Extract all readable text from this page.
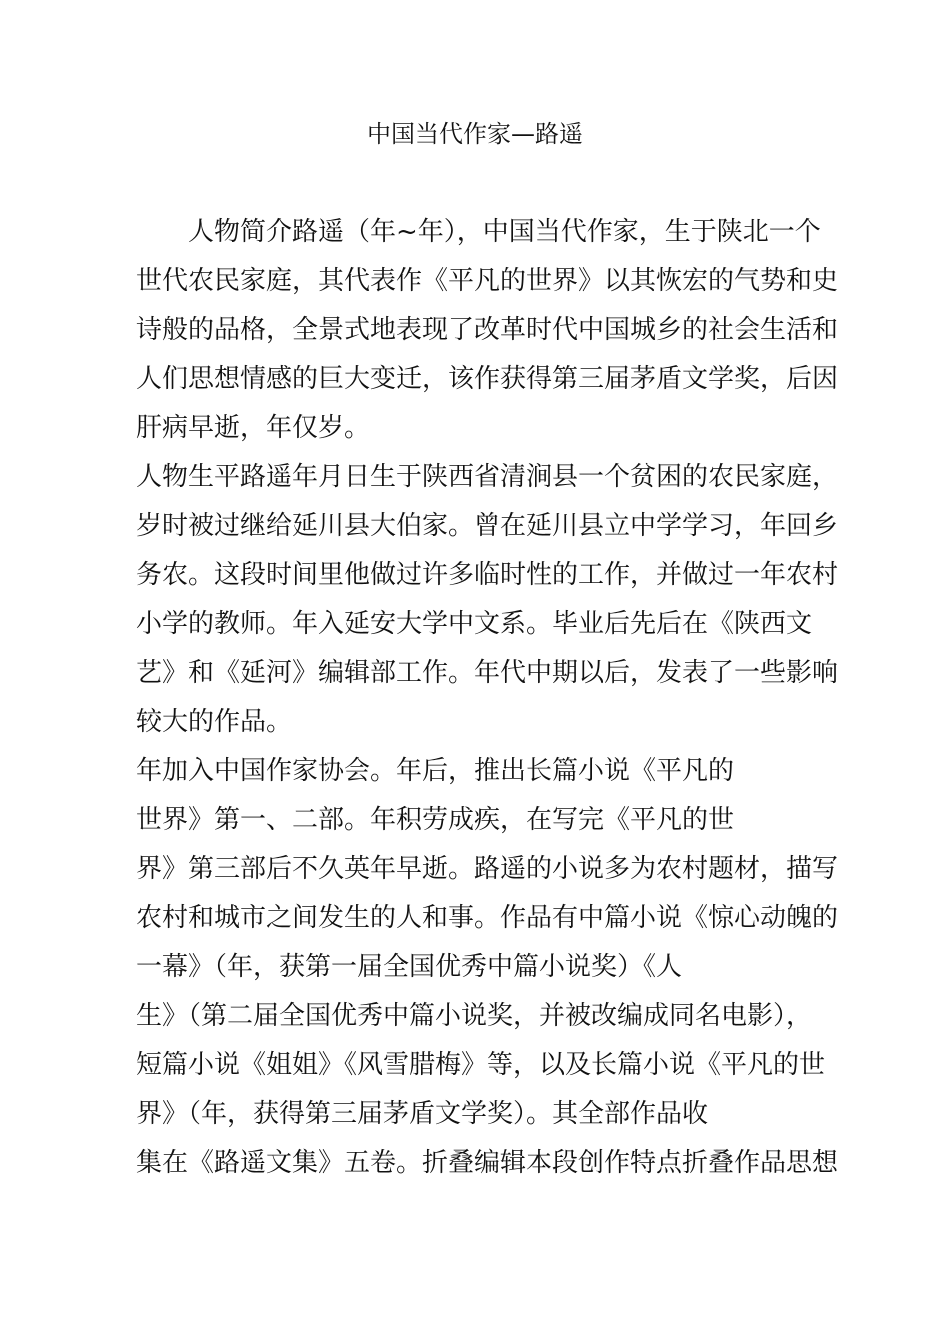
中国当代作家—路遥
人物简介路遥（年~年），中国当代作家，生于陕北一个
世代农民家庭，其代表作《平凡的世界》以其恢宏的气势和史
诗般的品格，全景式地表现了改革时代中国城乡的社会生活和
人们思想情感的巨大变迁，该作获得第三届茅盾文学奖，后因
肝病早逝，年仅岁。
人物生平路遥年月日生于陕西省清涧县一个贫困的农民家庭，
岁时被过继给延川县大伯家。曾在延川县立中学学习，年回乡
务农。这段时间里他做过许多临时性的工作，并做过一年农村
小学的教师。年入延安大学中文系。毕业后先后在《陕西文
艺》和《延河》编辑部工作。年代中期以后，发表了一些影响
较大的作品。
年加入中国作家协会。年后，推出长篇小说《平凡的
世界》第一、二部。年积劳成疾，在写完《平凡的世
界》第三部后不久英年早逝。路遥的小说多为农村题材，描写
农村和城市之间发生的人和事。作品有中篇小说《惊心动魄的
一幕》（年，获第一届全国优秀中篇小说奖）《人
生》（第二届全国优秀中篇小说奖，并被改编成同名电影），
短篇小说《姐姐》《风雪腊梅》等，以及长篇小说《平凡的世
界》（年，获得第三届茅盾文学奖）。其全部作品收
集在《路遥文集》五卷。折叠编辑本段创作特点折叠作品思想
